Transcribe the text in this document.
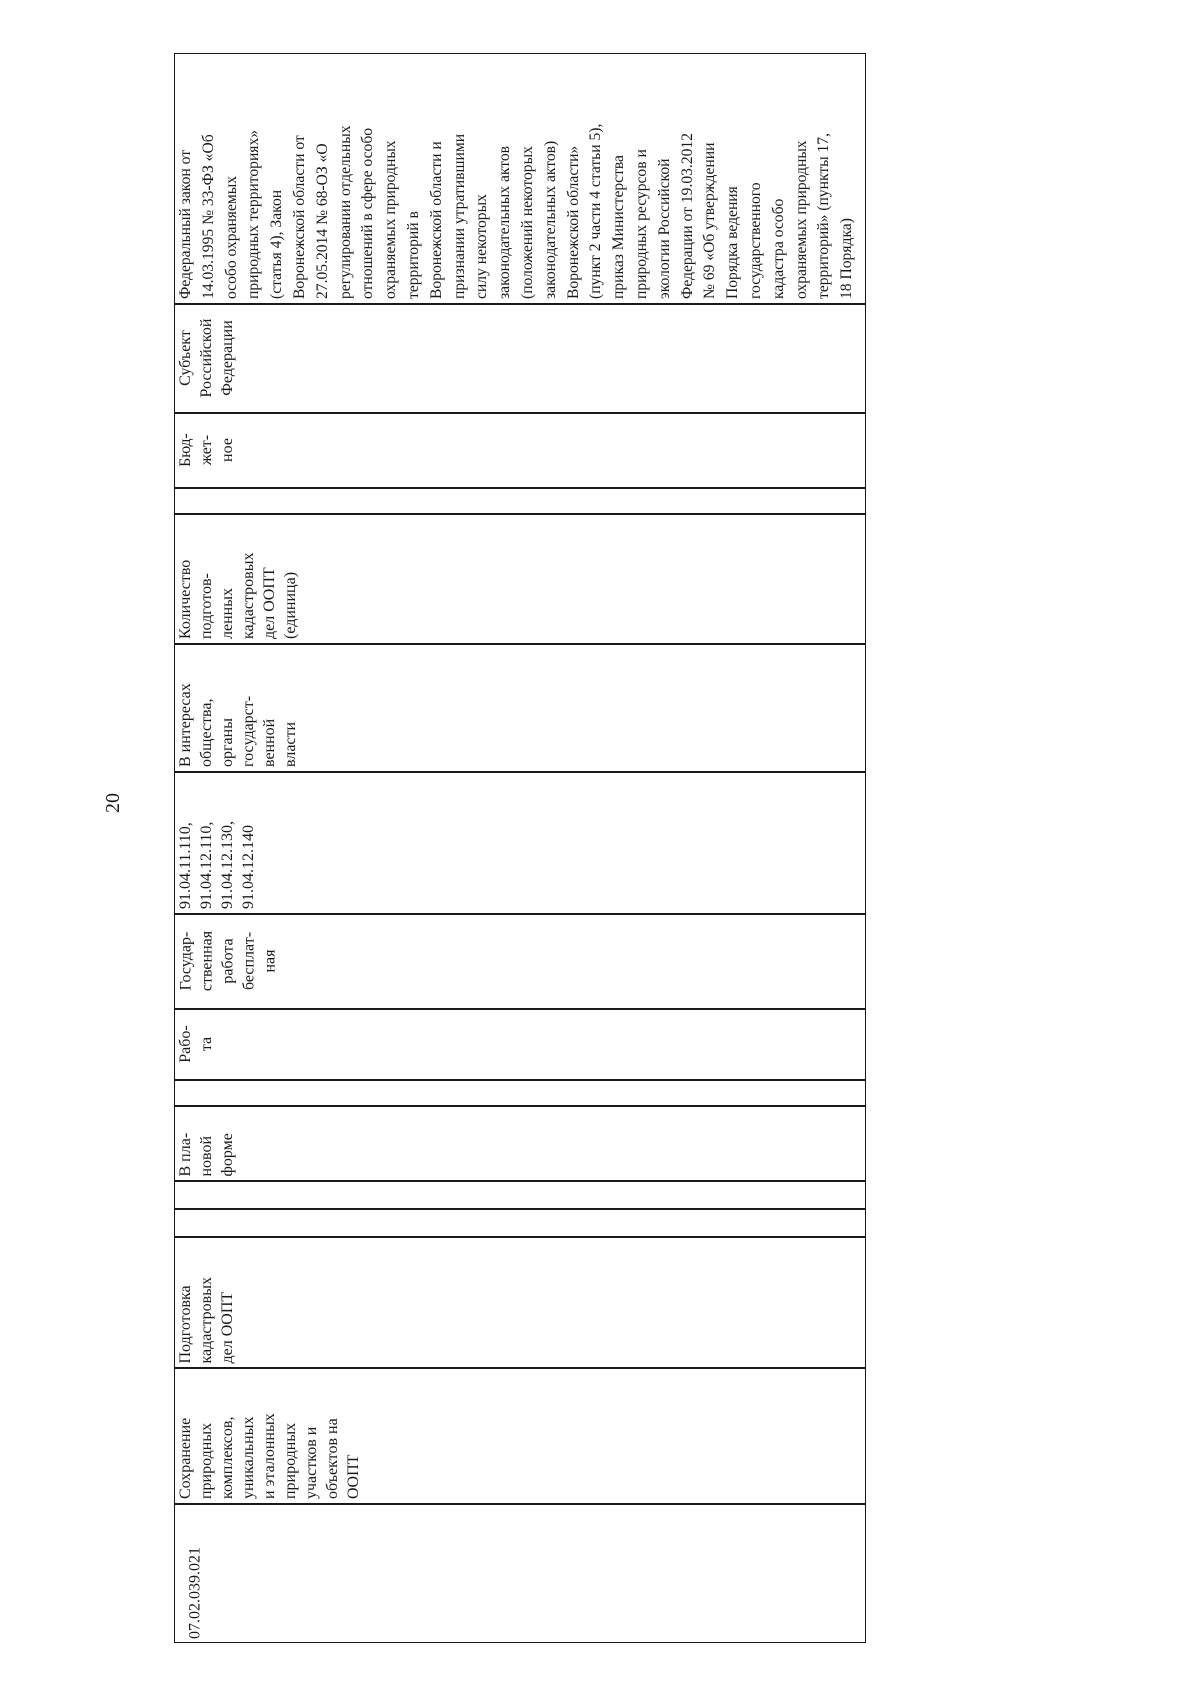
20
07.02.039.021
Сохранение
природных
комплексов,
уникальных
и эталонных
природных
участков и
объектов на
ООПТ
Подготовка
кадастровых
дел ООПТ
В пла-
новой
форме
Рабо-
та
Государ-
ственная
работа
бесплат-
ная
91.04.11.110,
91.04.12.110,
91.04.12.130,
91.04.12.140
В интересах
общества,
органы
государст-
венной
власти
Количество
подготов-
ленных
кадастровых
дел ООПТ
(единица)
Бюд-
жет-
ное
Субъект
Российской
Федерации
Федеральный закон от
14.03.1995 № 33-ФЗ «Об
особо охраняемых
природных территориях»
(статья 4), Закон
Воронежской области от
27.05.2014 № 68-ОЗ «О
регулировании отдельных
отношений в сфере особо
охраняемых природных
территорий в
Воронежской области и
признании утратившими
силу некоторых
законодательных актов
(положений некоторых
законодательных актов)
Воронежской области»
(пункт 2 части 4 статьи 5),
приказ Министерства
природных ресурсов и
экологии Российской
Федерации от 19.03.2012
№ 69 «Об утверждении
Порядка ведения
государственного
кадастра особо
охраняемых природных
территорий» (пункты 17,
18 Порядка)
